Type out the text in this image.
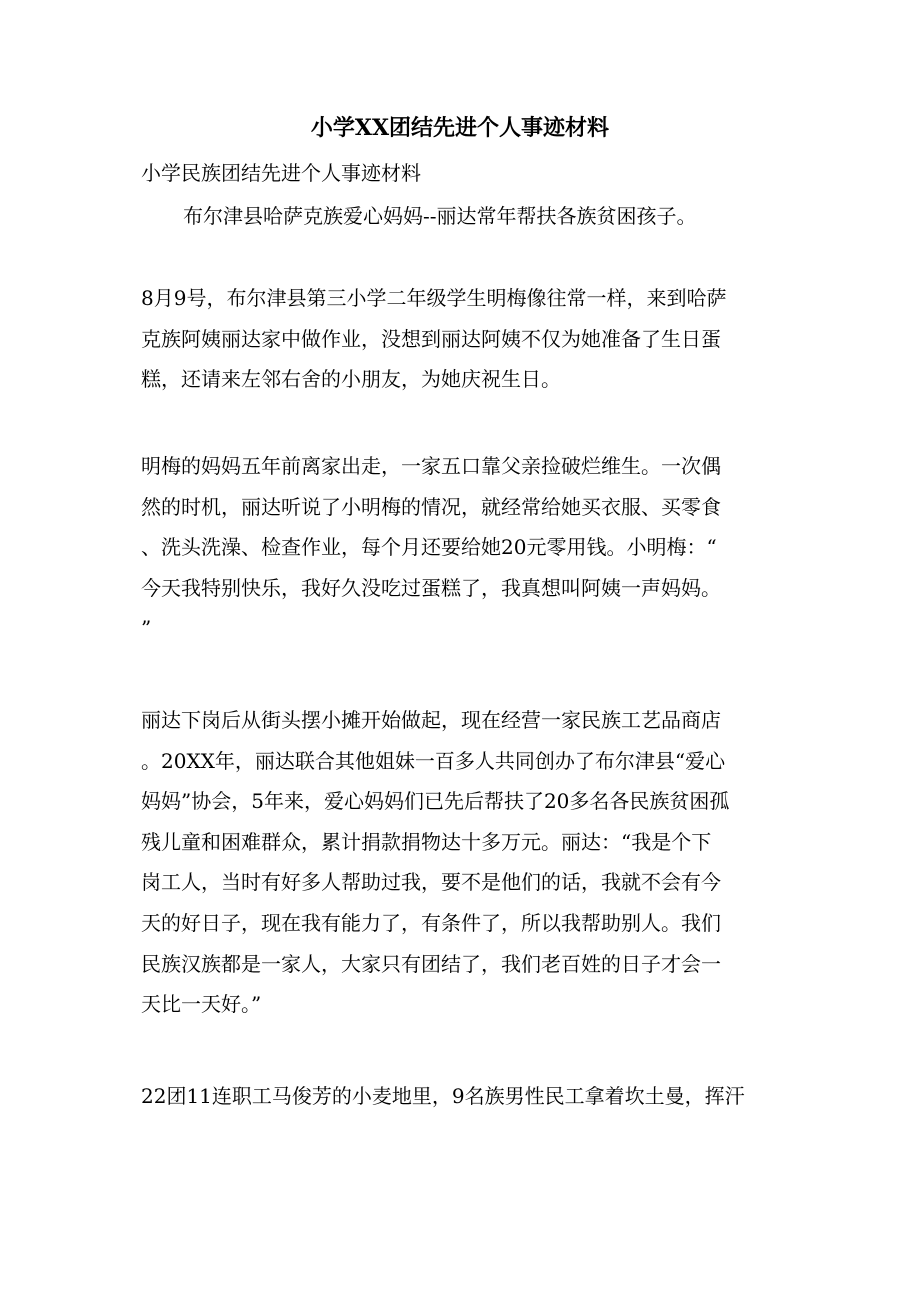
小学XX团结先进个人事迹材料

小学民族团结先进个人事迹材料

布尔津县哈萨克族爱心妈妈--丽达常年帮扶各族贫困孩子。

8月9号，布尔津县第三小学二年级学生明梅像往常一样，来到哈萨
克族阿姨丽达家中做作业，没想到丽达阿姨不仅为她准备了生日蛋
糕，还请来左邻右舍的小朋友，为她庆祝生日。
明梅的妈妈五年前离家出走，一家五口靠父亲捡破烂维生。一次偶
然的时机，丽达听说了小明梅的情况，就经常给她买衣服、买零食
、洗头洗澡、检查作业，每个月还要给她20元零用钱。小明梅：“
今天我特别快乐，我好久没吃过蛋糕了，我真想叫阿姨一声妈妈。
”
丽达下岗后从街头摆小摊开始做起，现在经营一家民族工艺品商店
。20XX年，丽达联合其他姐妹一百多人共同创办了布尔津县“爱心
妈妈”协会，5年来，爱心妈妈们已先后帮扶了20多名各民族贫困孤
残儿童和困难群众，累计捐款捐物达十多万元。丽达：“我是个下
岗工人，当时有好多人帮助过我，要不是他们的话，我就不会有今
天的好日子，现在我有能力了，有条件了，所以我帮助别人。我们
民族汉族都是一家人，大家只有团结了，我们老百姓的日子才会一
天比一天好。”
22团11连职工马俊芳的小麦地里，9名族男性民工拿着坎土曼，挥汗
